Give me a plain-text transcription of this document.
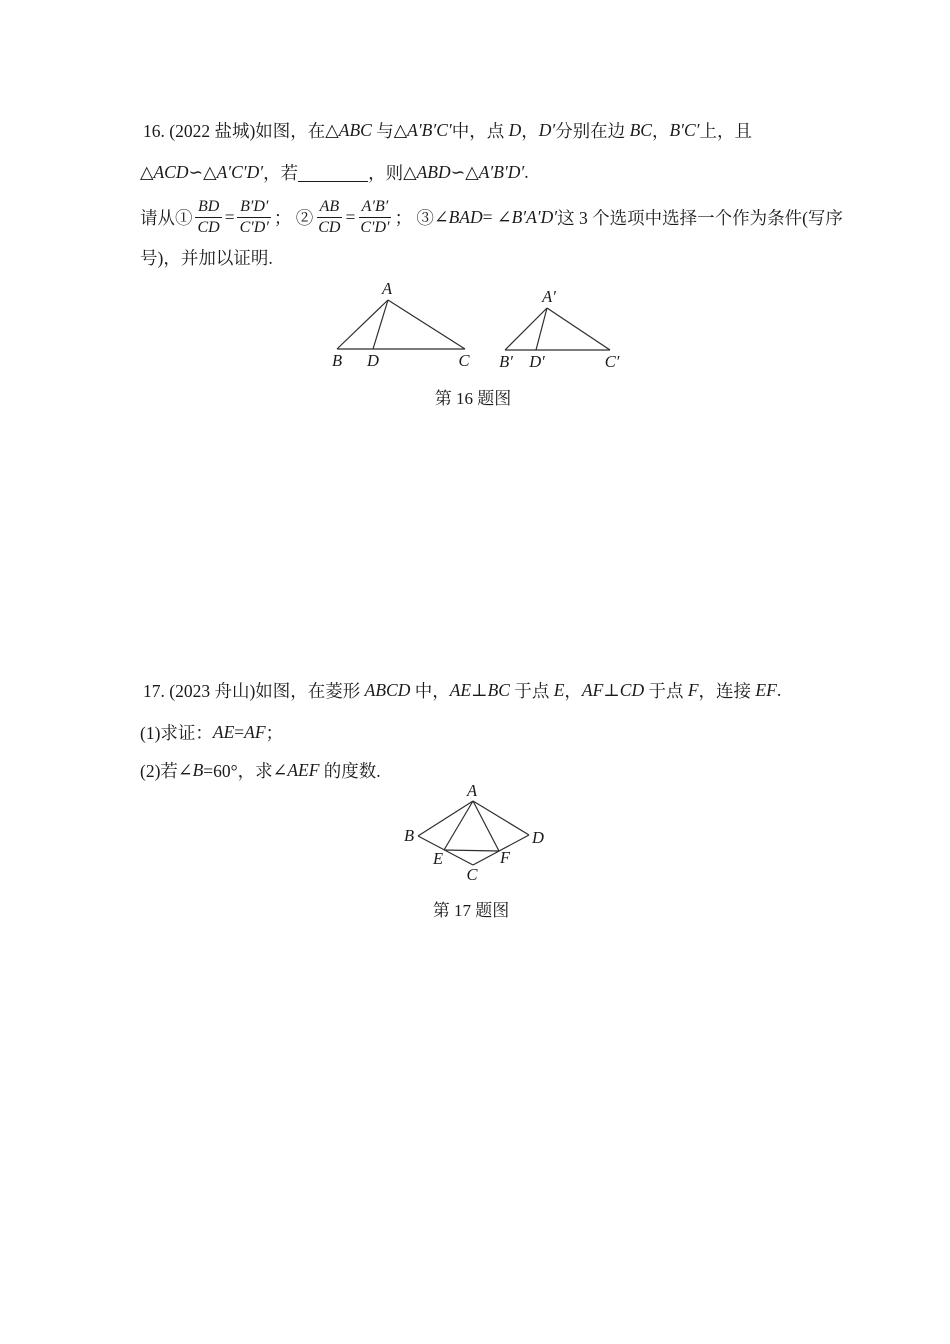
16. (2022 盐城)如图，在 △ ABC 与 △ A′B′C′ 中，点 D ， D′ 分别在边 BC ， B′C′ 上，且
△ ACD ∽ △ A′C′D′ ，若	，则 △ ABD ∽ △ A′B′D′ .
请从① $\frac{BD}{CD} = \frac{B'D'}{C'D'}$ ； ② $\frac{AB}{CD} = \frac{A'B'}{C'D'}$ ； ③ ∠ BAD = ∠ B′A′D′ 这 3 个选项中选择一个作为条件(写序
号)，并加以证明.
A
B D	C
A′
B′ D′	C′
第 16 题图
17. (2023 舟山)如图，在菱形 ABCD 中， AE ⊥ BC 于点 E ， AF ⊥ CD 于点 F ，连接 EF .
(1)求证： AE = AF ；
(2)若 ∠ B =60°，求 ∠ AEF 的度数.
A
B	D
E	F
C
第 17 题图
